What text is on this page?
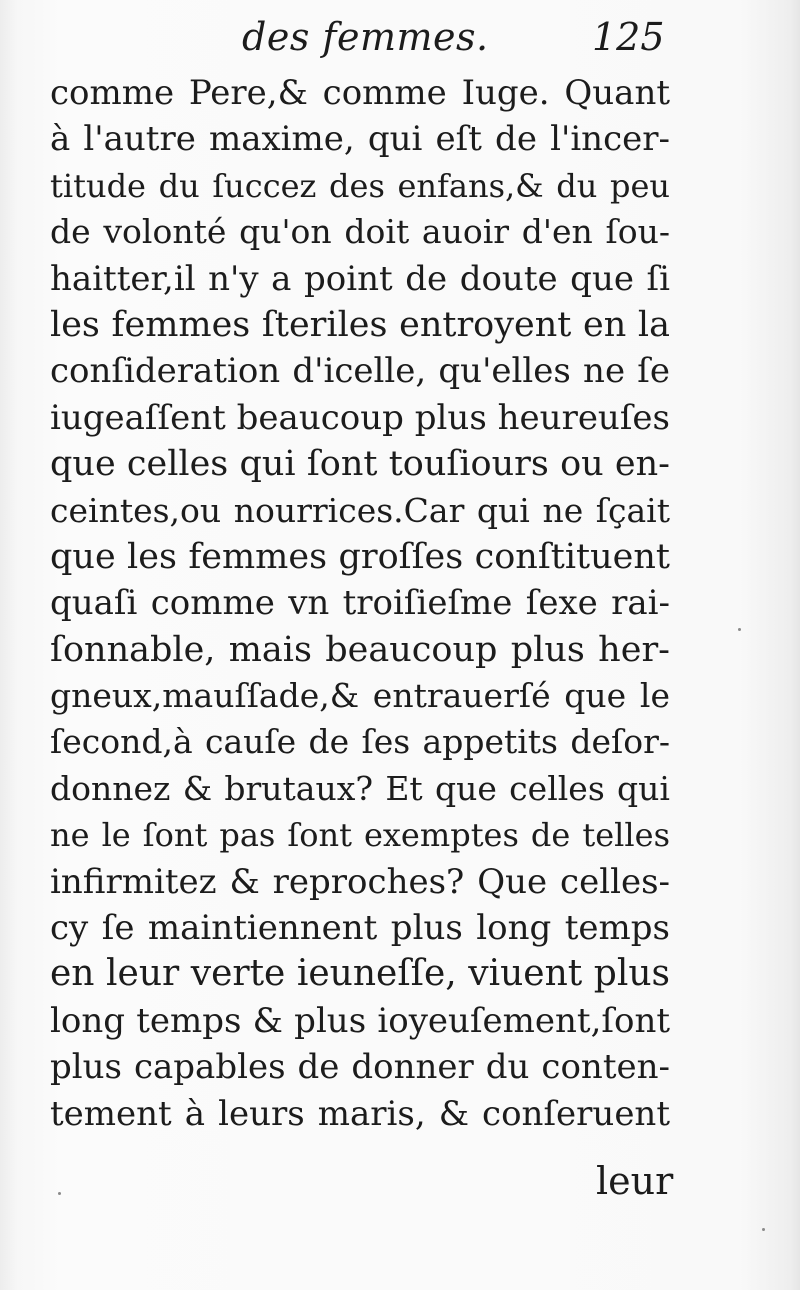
des femmes.	125
comme Pere,& comme Iuge. Quant
à l'autre maxime, qui eſt de l'incer-
titude du ſuccez des enfans,& du peu
de volonté qu'on doit auoir d'en ſou-
haitter,il n'y a point de doute que ſi
les femmes ſteriles entroyent en la
conſideration d'icelle, qu'elles ne ſe
iugeaſſent beaucoup plus heureuſes
que celles qui ſont touſiours ou en-
ceintes,ou nourrices.Car qui ne ſçait
que les femmes groſſes conſtituent
quaſi comme vn troiſieſme ſexe rai-
ſonnable, mais beaucoup plus her-
gneux,mauſſade,& entrauerſé que le
ſecond,à cauſe de ſes appetits deſor-
donnez & brutaux? Et que celles qui
ne le ſont pas ſont exemptes de telles
infirmitez & reproches? Que celles-
cy ſe maintiennent plus long temps
en leur verte ieuneſſe, viuent plus
long temps & plus ioyeuſement,ſont
plus capables de donner du conten-
tement à leurs maris, & conſeruent
leur
